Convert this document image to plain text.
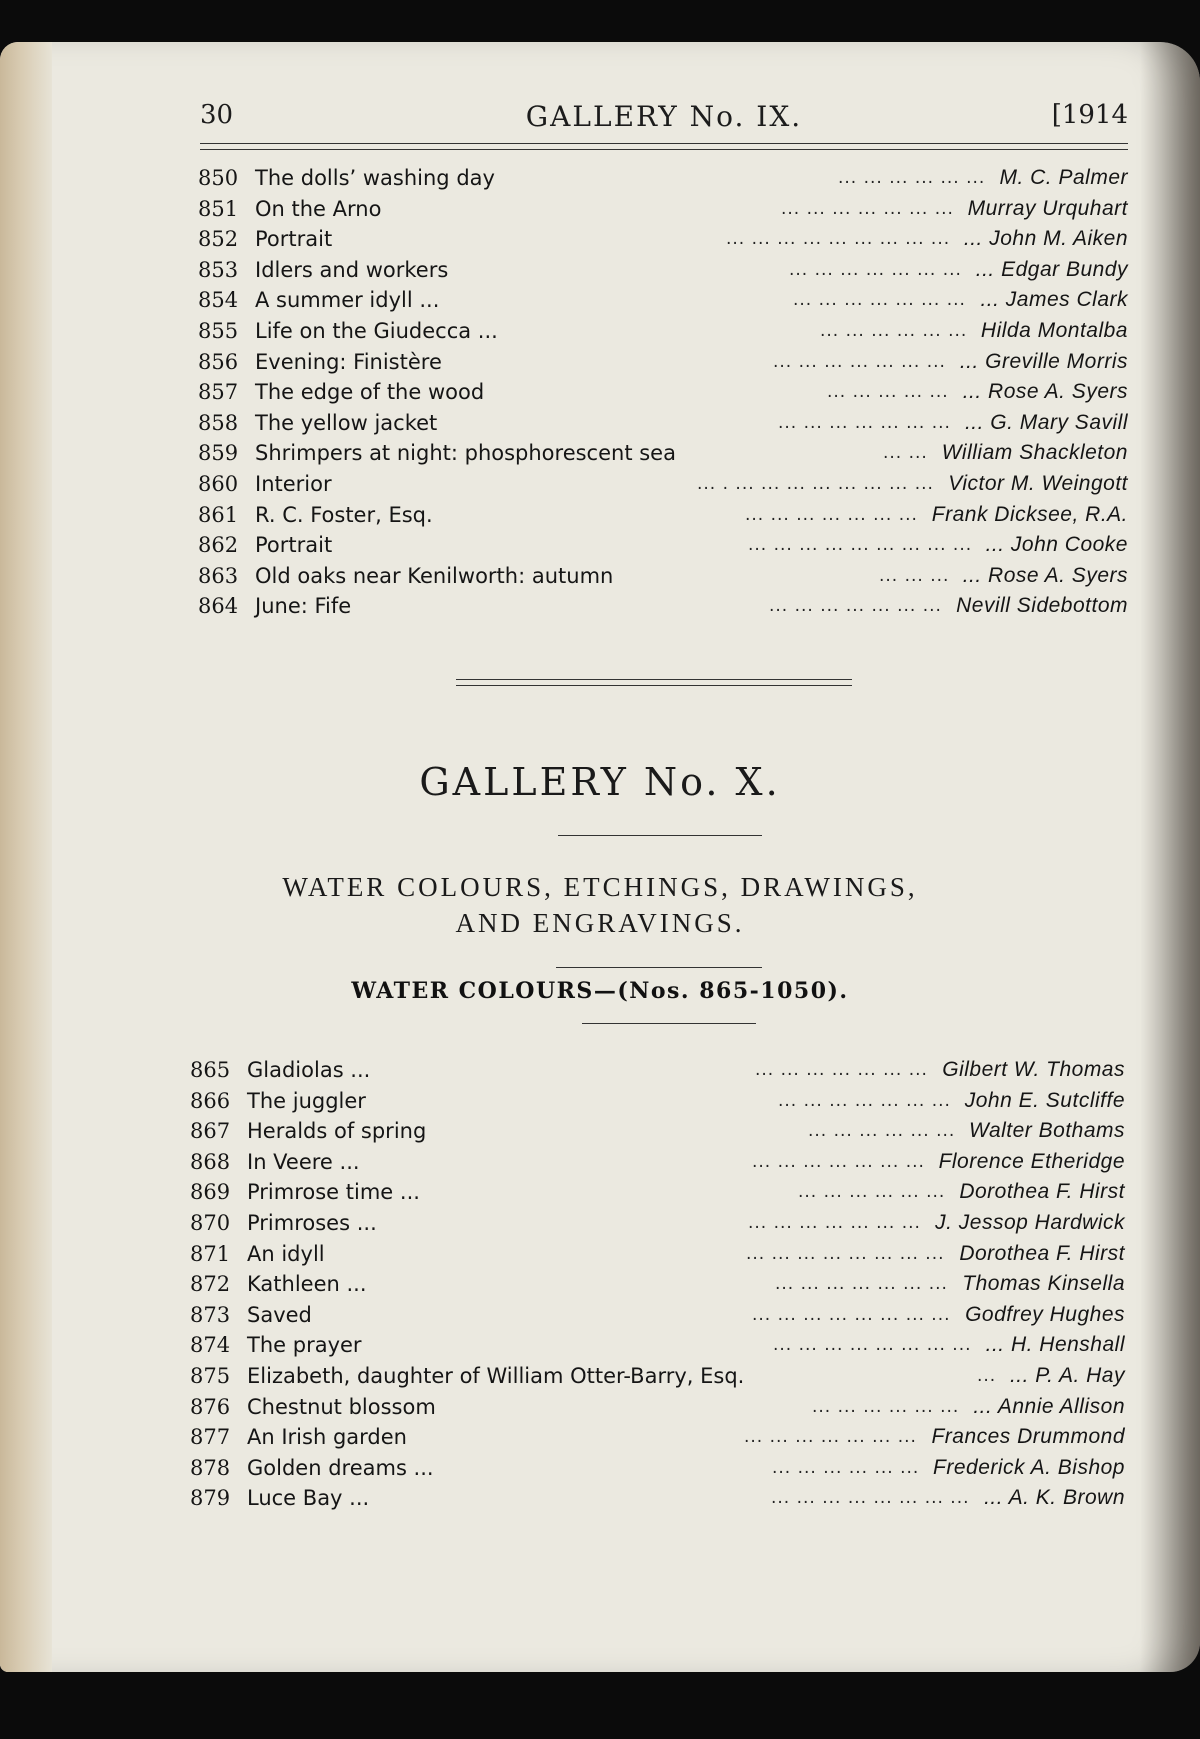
30	GALLERY No. IX.	[1914
850 The dolls’ washing day	M. C. Palmer
... ... ... ... ... ...
851 On the Arno	Murray Urquhart
... ... ... ... ... ... ...
852 Portrait	... John M. Aiken
... ... ... ... ... ... ... ... ...
853 Idlers and workers	... Edgar Bundy
... ... ... ... ... ... ...
854 A summer idyll ...	... James Clark
... ... ... ... ... ... ...
855 Life on the Giudecca ...	Hilda Montalba
... ... ... ... ... ...
856 Evening: Finistère	... Greville Morris
... ... ... ... ... ... ...
857 The edge of the wood	... Rose A. Syers
... ... ... ... ...
858 The yellow jacket	... G. Mary Savill
... ... ... ... ... ... ...
859 Shrimpers at night: phosphorescent sea	William Shackleton
... ...
860 Interior	Victor M. Weingott
... . ... ... ... ... ... ... ... ...
861 R. C. Foster, Esq.	Frank Dicksee, R.A.
... ... ... ... ... ... ...
862 Portrait	... John Cooke
... ... ... ... ... ... ... ... ...
863 Old oaks near Kenilworth: autumn	... Rose A. Syers
... ... ...
864 June: Fife	Nevill Sidebottom
... ... ... ... ... ... ...
GALLERY No. X.
WATER COLOURS, ETCHINGS, DRAWINGS,
AND ENGRAVINGS.
WATER COLOURS—(Nos. 865-1050).
865 Gladiolas ...	Gilbert W. Thomas
... ... ... ... ... ... ...
866 The juggler	John E. Sutcliffe
... ... ... ... ... ... ...
867 Heralds of spring	Walter Bothams
... ... ... ... ... ...
868 In Veere ...	Florence Etheridge
... ... ... ... ... ... ...
869 Primrose time ...	Dorothea F. Hirst
... ... ... ... ... ...
870 Primroses ...	J. Jessop Hardwick
... ... ... ... ... ... ...
871 An idyll	Dorothea F. Hirst
... ... ... ... ... ... ... ...
872 Kathleen ...	Thomas Kinsella
... ... ... ... ... ... ...
873 Saved	Godfrey Hughes
... ... ... ... ... ... ... ...
874 The prayer	... H. Henshall
... ... ... ... ... ... ... ...
875 Elizabeth, daughter of William Otter-Barry, Esq.	... P. A. Hay
...
876 Chestnut blossom	... Annie Allison
... ... ... ... ... ...
877 An Irish garden	Frances Drummond
... ... ... ... ... ... ...
878 Golden dreams ...	Frederick A. Bishop
... ... ... ... ... ...
879 Luce Bay ...	... A. K. Brown
... ... ... ... ... ... ... ...
